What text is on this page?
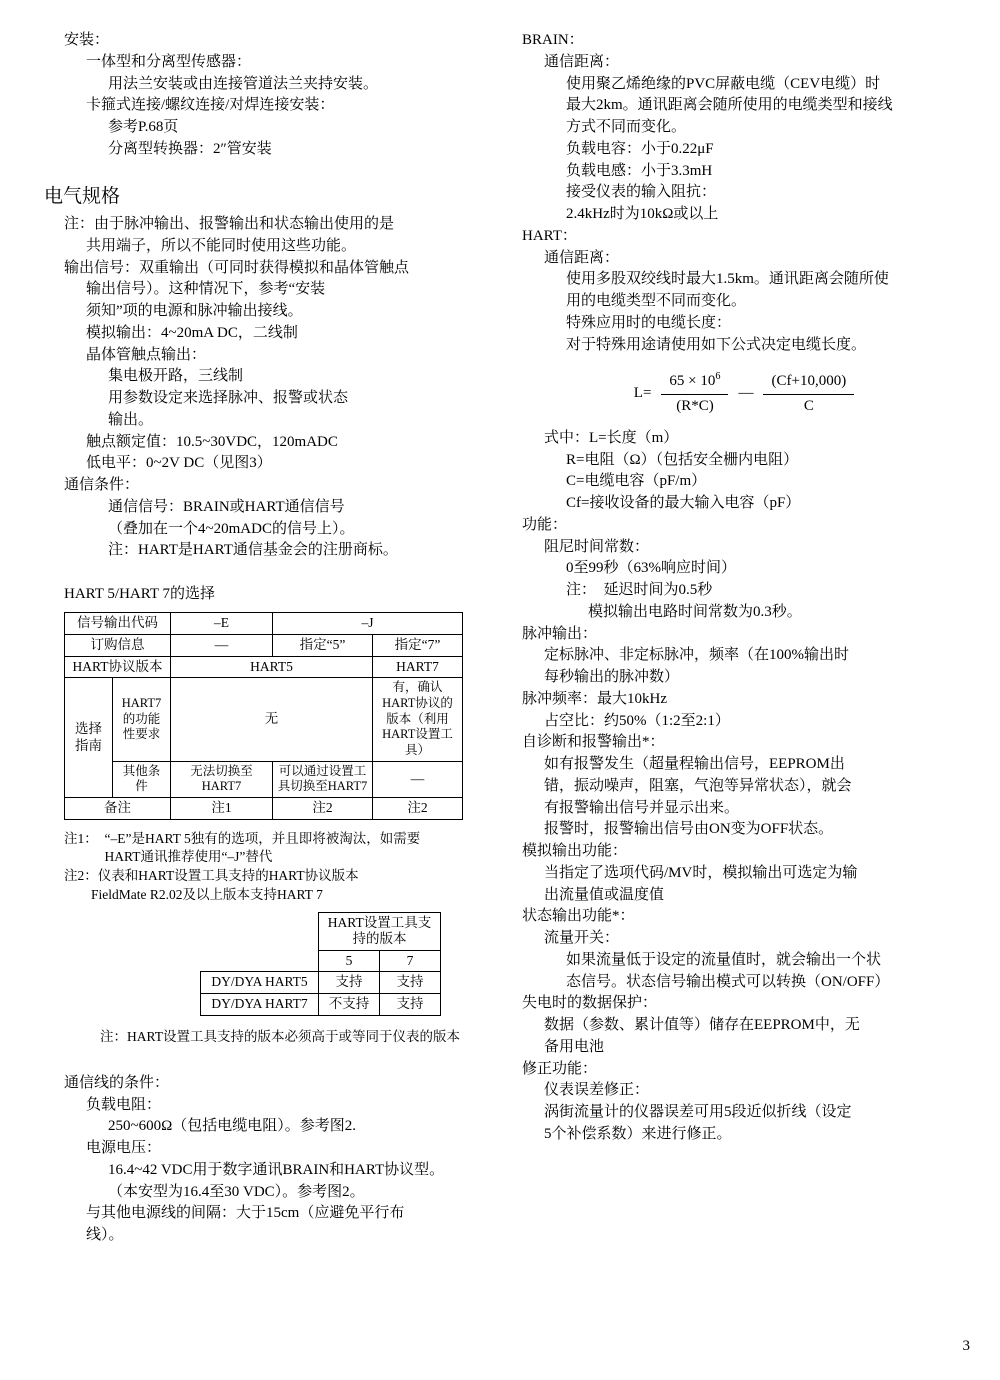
安装：
一体型和分离型传感器：
用法兰安装或由连接管道法兰夹持安装。
卡箍式连接/螺纹连接/对焊连接安装：
参考P.68页
分离型转换器：2″管安装
电气规格
注：由于脉冲输出、报警输出和状态输出使用的是
共用端子，所以不能同时使用这些功能。
输出信号：双重输出（可同时获得模拟和晶体管触点
输出信号）。这种情况下，参考“安装
须知”项的电源和脉冲输出接线。
模拟输出：4~20mA DC，二线制
晶体管触点输出：
集电极开路，三线制
用参数设定来选择脉冲、报警或状态
输出。
触点额定值：10.5~30VDC，120mADC
低电平：0~2V DC（见图3）
通信条件：
通信信号：BRAIN或HART通信信号
（叠加在一个4~20mADC的信号上）。
注：HART是HART通信基金会的注册商标。
HART 5/HART 7的选择
信号输出代码		–E	–J	
订购信息		—	指定“5”	指定“7”
HART协议版本		HART5		HART7
选择指南	HART7的功能性要求	无		有，确认HART协议的版本（利用HART设置工具）
	其他条件	无法切换至HART7	可以通过设置工具切换至HART7	—
备注		注1	注2	注2
注1：　“–E”是HART 5独有的选项，并且即将被淘汰，如需要
　　　HART通讯推荐使用“–J”替代
注2：仪表和HART设置工具支持的HART协议版本
　　FieldMate R2.02及以上版本支持HART 7
	HART设置工具支持的版本	
	5	7
DY/DYA HART5	支持	支持
DY/DYA HART7	不支持	支持
注：HART设置工具支持的版本必须高于或等同于仪表的版本
通信线的条件：
负载电阻：
250~600Ω（包括电缆电阻）。参考图2.
电源电压：
16.4~42 VDC用于数字通讯BRAIN和HART协议型。
（本安型为16.4至30 VDC）。参考图2。
与其他电源线的间隔：大于15cm（应避免平行布
线）。
BRAIN：
通信距离：
使用聚乙烯绝缘的PVC屏蔽电缆（CEV电缆）时
最大2km。通讯距离会随所使用的电缆类型和接线
方式不同而变化。
负载电容：小于0.22μF
负载电感：小于3.3mH
接受仪表的输入阻抗：
2.4kHz时为10kΩ或以上
HART：
通信距离：
使用多股双绞线时最大1.5km。通讯距离会随所使
用的电缆类型不同而变化。
特殊应用时的电缆长度：
对于特殊用途请使用如下公式决定电缆长度。
$L= \frac{65 \times 10^6}{(R*C)}$ — $\frac{(Cf+10,000)}{C}$
式中：L=长度（m）
R=电阻（Ω）（包括安全栅内电阻）
C=电缆电容（pF/m）
Cf=接收设备的最大输入电容（pF）
功能：
阻尼时间常数：
0至99秒（63%响应时间）
注：　延迟时间为0.5秒
模拟输出电路时间常数为0.3秒。
脉冲输出：
定标脉冲、非定标脉冲，频率（在100%输出时
每秒输出的脉冲数）
脉冲频率：最大10kHz
占空比：约50%（1:2至2:1）
自诊断和报警输出*：
如有报警发生（超量程输出信号，EEPROM出
错，振动噪声，阻塞，气泡等异常状态），就会
有报警输出信号并显示出来。
报警时，报警输出信号由ON变为OFF状态。
模拟输出功能：
当指定了选项代码/MV时，模拟输出可选定为输
出流量值或温度值
状态输出功能*：
流量开关：
如果流量低于设定的流量值时，就会输出一个状
态信号。状态信号输出模式可以转换（ON/OFF）
失电时的数据保护：
数据（参数、累计值等）储存在EEPROM中，无
备用电池
修正功能：
仪表误差修正：
涡街流量计的仪器误差可用5段近似折线（设定
5个补偿系数）来进行修正。
3
